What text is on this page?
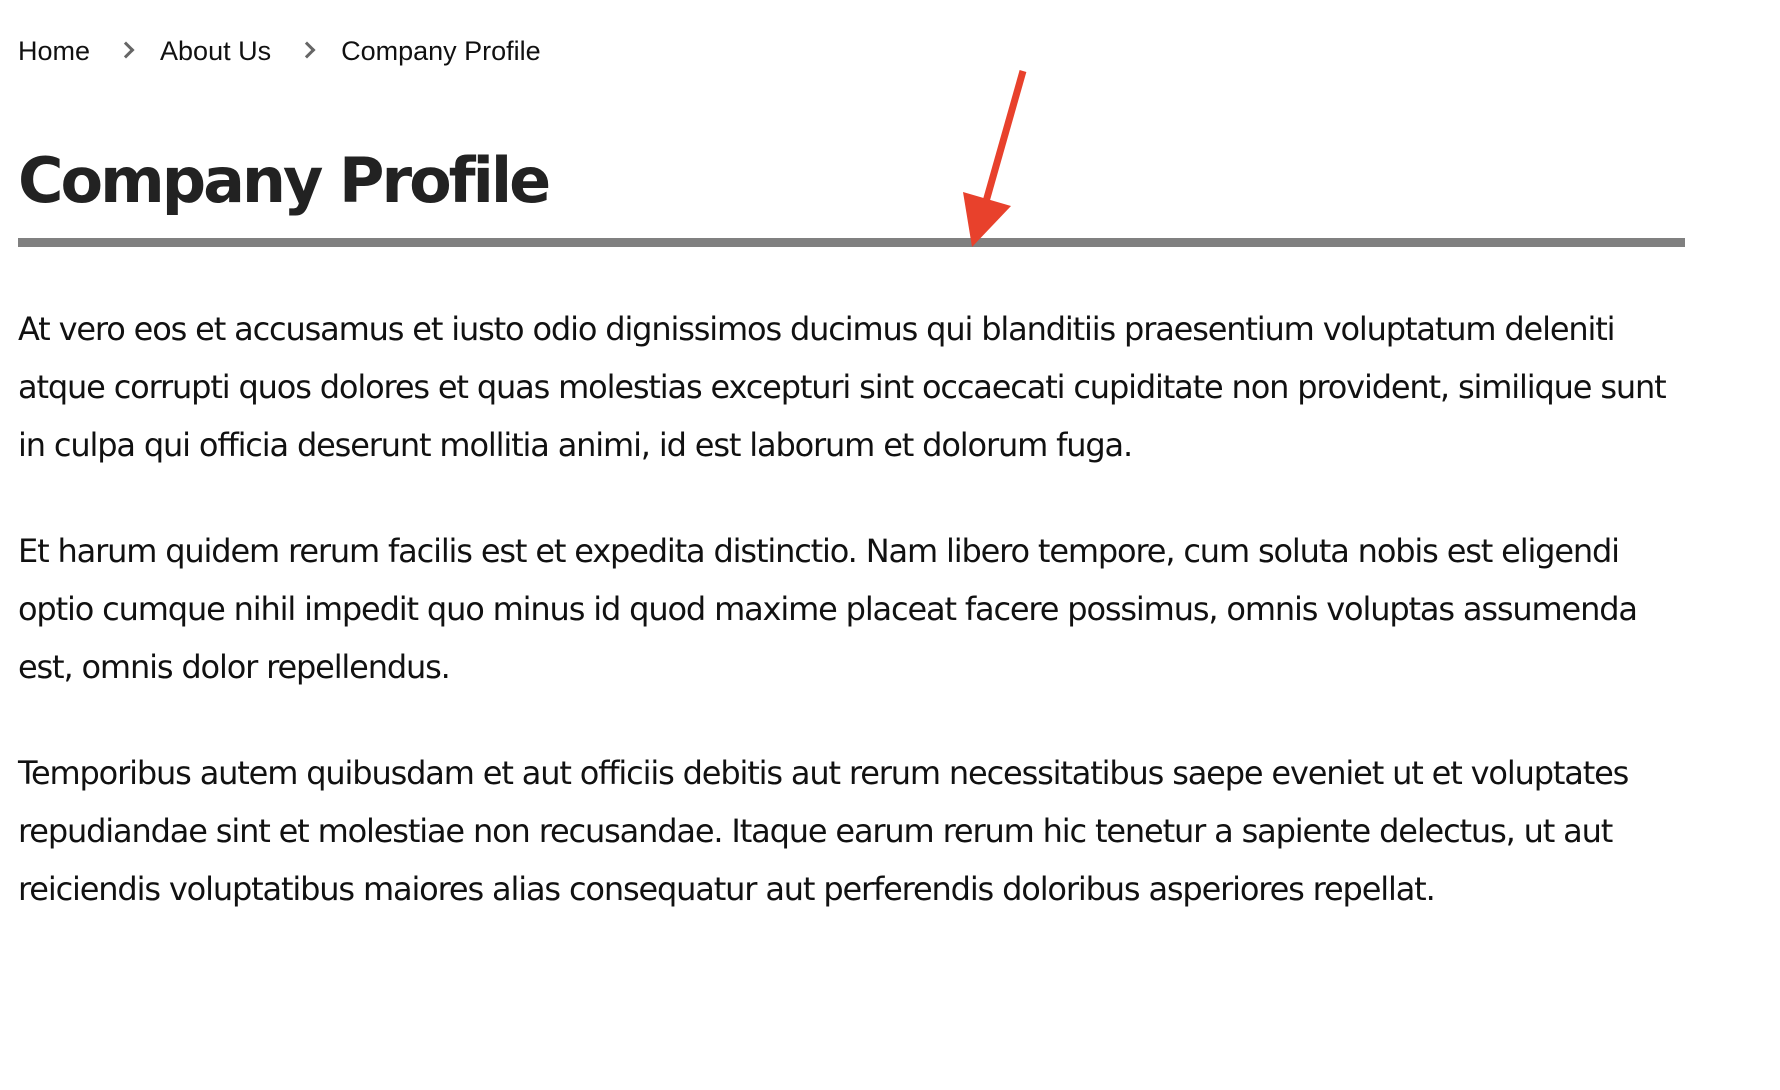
Home	About Us	Company Profile
Company Profile

At vero eos et accusamus et iusto odio dignissimos ducimus qui blanditiis praesentium voluptatum deleniti atque corrupti quos dolores et quas molestias excepturi sint occaecati cupiditate non provident, similique sunt in culpa qui officia deserunt mollitia animi, id est laborum et dolorum fuga.

Et harum quidem rerum facilis est et expedita distinctio. Nam libero tempore, cum soluta nobis est eligendi optio cumque nihil impedit quo minus id quod maxime placeat facere possimus, omnis voluptas assumenda est, omnis dolor repellendus.

Temporibus autem quibusdam et aut officiis debitis aut rerum necessitatibus saepe eveniet ut et voluptates repudiandae sint et molestiae non recusandae. Itaque earum rerum hic tenetur a sapiente delectus, ut aut reiciendis voluptatibus maiores alias consequatur aut perferendis doloribus asperiores repellat.
